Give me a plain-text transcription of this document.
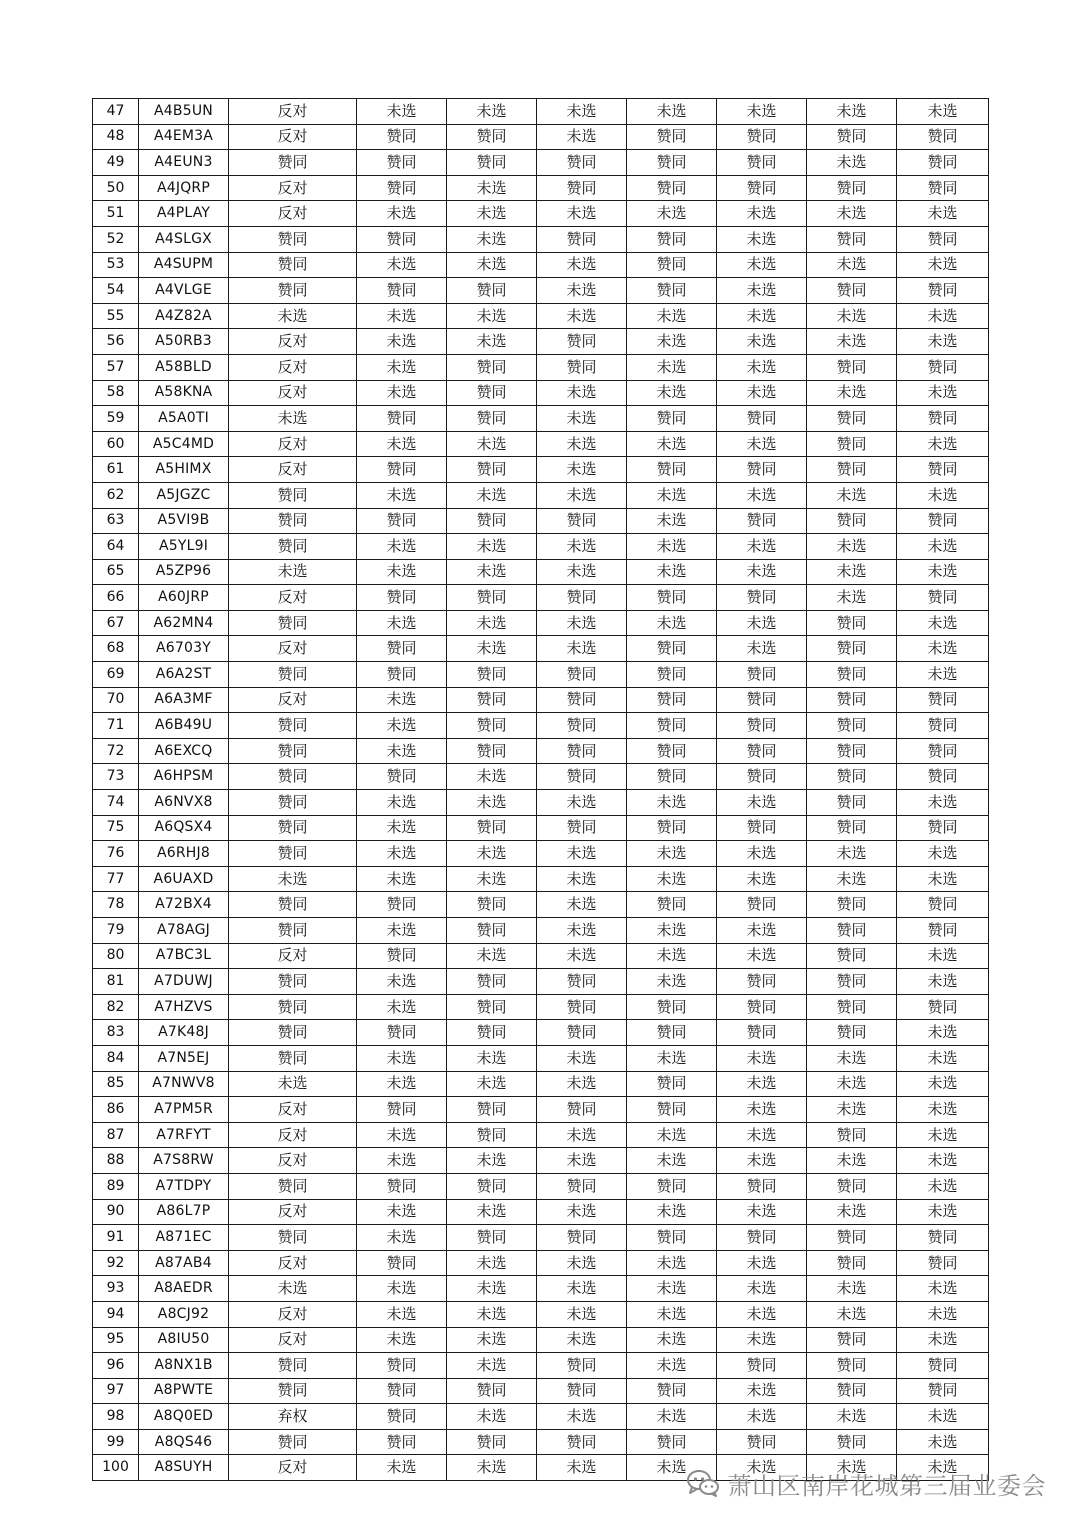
47	A4B5UN	反对	未选	未选	未选	未选	未选	未选	未选
48	A4EM3A	反对	赞同	赞同	未选	赞同	赞同	赞同	赞同
49	A4EUN3	赞同	赞同	赞同	赞同	赞同	赞同	未选	赞同
50	A4JQRP	反对	赞同	未选	赞同	赞同	赞同	赞同	赞同
51	A4PLAY	反对	未选	未选	未选	未选	未选	未选	未选
52	A4SLGX	赞同	赞同	未选	赞同	赞同	未选	赞同	赞同
53	A4SUPM	赞同	未选	未选	未选	赞同	未选	未选	未选
54	A4VLGE	赞同	赞同	赞同	未选	赞同	未选	赞同	赞同
55	A4Z82A	未选	未选	未选	未选	未选	未选	未选	未选
56	A50RB3	反对	未选	未选	赞同	未选	未选	未选	未选
57	A58BLD	反对	未选	赞同	赞同	未选	未选	赞同	赞同
58	A58KNA	反对	未选	赞同	未选	未选	未选	未选	未选
59	A5A0TI	未选	赞同	赞同	未选	赞同	赞同	赞同	赞同
60	A5C4MD	反对	未选	未选	未选	未选	未选	赞同	未选
61	A5HIMX	反对	赞同	赞同	未选	赞同	赞同	赞同	赞同
62	A5JGZC	赞同	未选	未选	未选	未选	未选	未选	未选
63	A5VI9B	赞同	赞同	赞同	赞同	未选	赞同	赞同	赞同
64	A5YL9I	赞同	未选	未选	未选	未选	未选	未选	未选
65	A5ZP96	未选	未选	未选	未选	未选	未选	未选	未选
66	A60JRP	反对	赞同	赞同	赞同	赞同	赞同	未选	赞同
67	A62MN4	赞同	未选	未选	未选	未选	未选	赞同	未选
68	A6703Y	反对	赞同	未选	未选	赞同	未选	赞同	未选
69	A6A2ST	赞同	赞同	赞同	赞同	赞同	赞同	赞同	未选
70	A6A3MF	反对	未选	赞同	赞同	赞同	赞同	赞同	赞同
71	A6B49U	赞同	未选	赞同	赞同	赞同	赞同	赞同	赞同
72	A6EXCQ	赞同	未选	赞同	赞同	赞同	赞同	赞同	赞同
73	A6HPSM	赞同	赞同	未选	赞同	赞同	赞同	赞同	赞同
74	A6NVX8	赞同	未选	未选	未选	未选	未选	赞同	未选
75	A6QSX4	赞同	未选	赞同	赞同	赞同	赞同	赞同	赞同
76	A6RHJ8	赞同	未选	未选	未选	未选	未选	未选	未选
77	A6UAXD	未选	未选	未选	未选	未选	未选	未选	未选
78	A72BX4	赞同	赞同	赞同	未选	赞同	赞同	赞同	赞同
79	A78AGJ	赞同	未选	赞同	未选	未选	未选	赞同	赞同
80	A7BC3L	反对	赞同	未选	未选	未选	未选	赞同	未选
81	A7DUWJ	赞同	未选	赞同	赞同	未选	赞同	赞同	未选
82	A7HZVS	赞同	未选	赞同	赞同	赞同	赞同	赞同	赞同
83	A7K48J	赞同	赞同	赞同	赞同	赞同	赞同	赞同	未选
84	A7N5EJ	赞同	未选	未选	未选	未选	未选	未选	未选
85	A7NWV8	未选	未选	未选	未选	赞同	未选	未选	未选
86	A7PM5R	反对	赞同	赞同	赞同	赞同	未选	未选	未选
87	A7RFYT	反对	未选	赞同	未选	未选	未选	赞同	未选
88	A7S8RW	反对	未选	未选	未选	未选	未选	未选	未选
89	A7TDPY	赞同	赞同	赞同	赞同	赞同	赞同	赞同	未选
90	A86L7P	反对	未选	未选	未选	未选	未选	未选	未选
91	A871EC	赞同	未选	赞同	赞同	赞同	赞同	赞同	赞同
92	A87AB4	反对	赞同	未选	未选	未选	未选	赞同	赞同
93	A8AEDR	未选	未选	未选	未选	未选	未选	未选	未选
94	A8CJ92	反对	未选	未选	未选	未选	未选	未选	未选
95	A8IU50	反对	未选	未选	未选	未选	未选	赞同	未选
96	A8NX1B	赞同	赞同	未选	赞同	未选	赞同	赞同	赞同
97	A8PWTE	赞同	赞同	赞同	赞同	赞同	未选	赞同	赞同
98	A8Q0ED	弃权	赞同	未选	未选	未选	未选	未选	未选
99	A8QS46	赞同	赞同	赞同	赞同	赞同	赞同	赞同	未选
100	A8SUYH	反对	未选	未选	未选	未选	未选	未选	未选
萧山区南岸花城第三届业委会
